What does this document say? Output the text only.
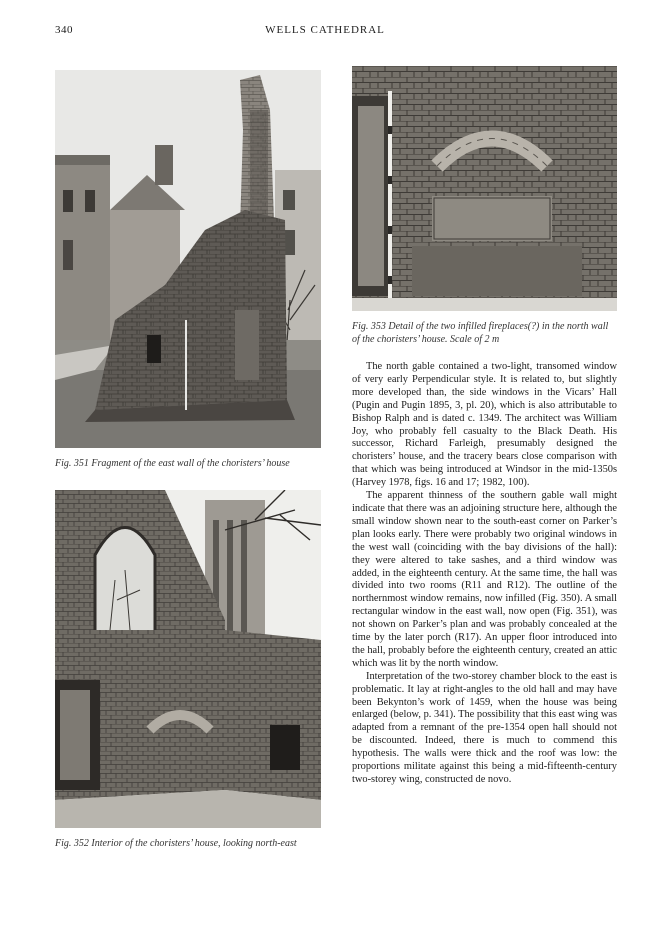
340	WELLS CATHEDRAL
Fig. 351 Fragment of the east wall of the choristers’ house
Fig. 353 Detail of the two infilled fireplaces(?) in the north wall of the choristers’ house. Scale of 2 m
Fig. 352 Interior of the choristers’ house, looking north-east

The north gable contained a two-light, transomed window of very early Perpendicular style. It is related to, but slightly more developed than, the side windows in the Vicars’ Hall (Pugin and Pugin 1895, 3, pl. 20), which is also attributable to Bishop Ralph and is dated c. 1349. The architect was William Joy, who probably fell casualty to the Black Death. His successor, Richard Farleigh, presumably designed the choristers’ house, and the tracery bears close comparison with that which was being introduced at Windsor in the mid-1350s (Harvey 1978, figs. 16 and 17; 1982, 100).

The apparent thinness of the southern gable wall might indicate that there was an adjoining structure here, although the small window shown near to the south-east corner on Parker’s plan looks early. There were probably two original windows in the west wall (coinciding with the bay divisions of the hall): they were altered to take sashes, and a third window was added, in the eighteenth century. At the same time, the hall was divided into two rooms (R11 and R12). The outline of the northernmost window remains, now infilled (Fig. 350). A small rectangular window in the east wall, now open (Fig. 351), was not shown on Parker’s plan and was probably concealed at the time by the later porch (R17). An upper floor introduced into the hall, probably before the eighteenth century, created an attic which was lit by the north window.

Interpretation of the two-storey chamber block to the east is problematic. It lay at right-angles to the old hall and may have been Bekynton’s work of 1459, when the house was being enlarged (below, p. 341). The possibility that this east wing was adapted from a remnant of the pre-1354 open hall should not be discounted. Indeed, there is much to commend this hypothesis. The walls were thick and the roof was low: the proportions militate against this being a mid-fifteenth-century two-storey wing, constructed de novo.
